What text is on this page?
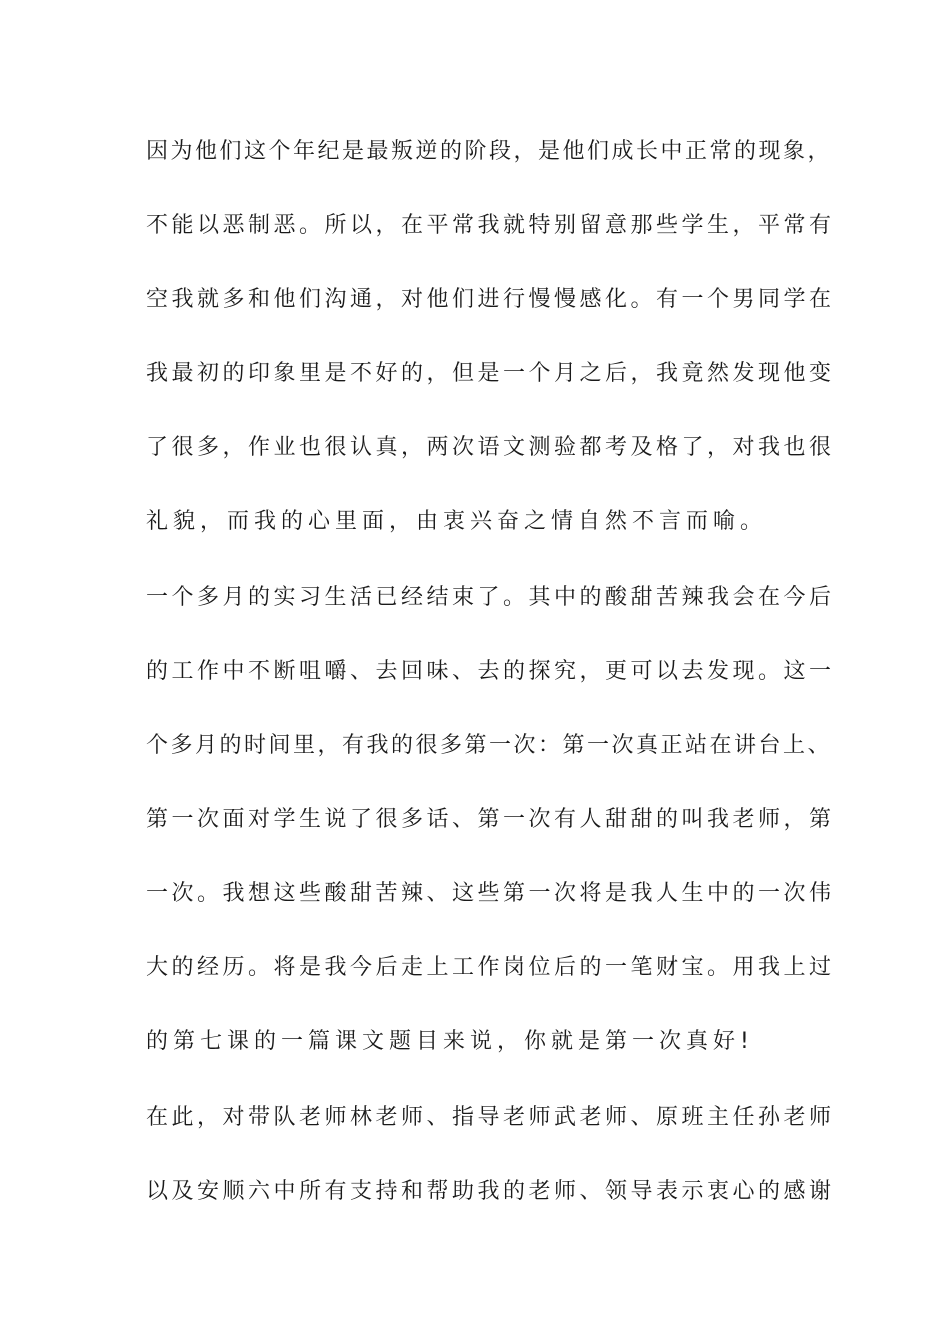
因为他们这个年纪是最叛逆的阶段，是他们成长中正常的现象，
不能以恶制恶。所以，在平常我就特别留意那些学生，平常有
空我就多和他们沟通，对他们进行慢慢感化。有一个男同学在
我最初的印象里是不好的，但是一个月之后，我竟然发现他变
了很多，作业也很认真，两次语文测验都考及格了，对我也很
礼貌，而我的心里面，由衷兴奋之情自然不言而喻。
一个多月的实习生活已经结束了。其中的酸甜苦辣我会在今后
的工作中不断咀嚼、去回味、去的探究，更可以去发现。这一
个多月的时间里，有我的很多第一次：第一次真正站在讲台上、
第一次面对学生说了很多话、第一次有人甜甜的叫我老师，第
一次。我想这些酸甜苦辣、这些第一次将是我人生中的一次伟
大的经历。将是我今后走上工作岗位后的一笔财宝。用我上过
的第七课的一篇课文题目来说，你就是第一次真好!
在此，对带队老师林老师、指导老师武老师、原班主任孙老师
以及安顺六中所有支持和帮助我的老师、领导表示衷心的感谢
